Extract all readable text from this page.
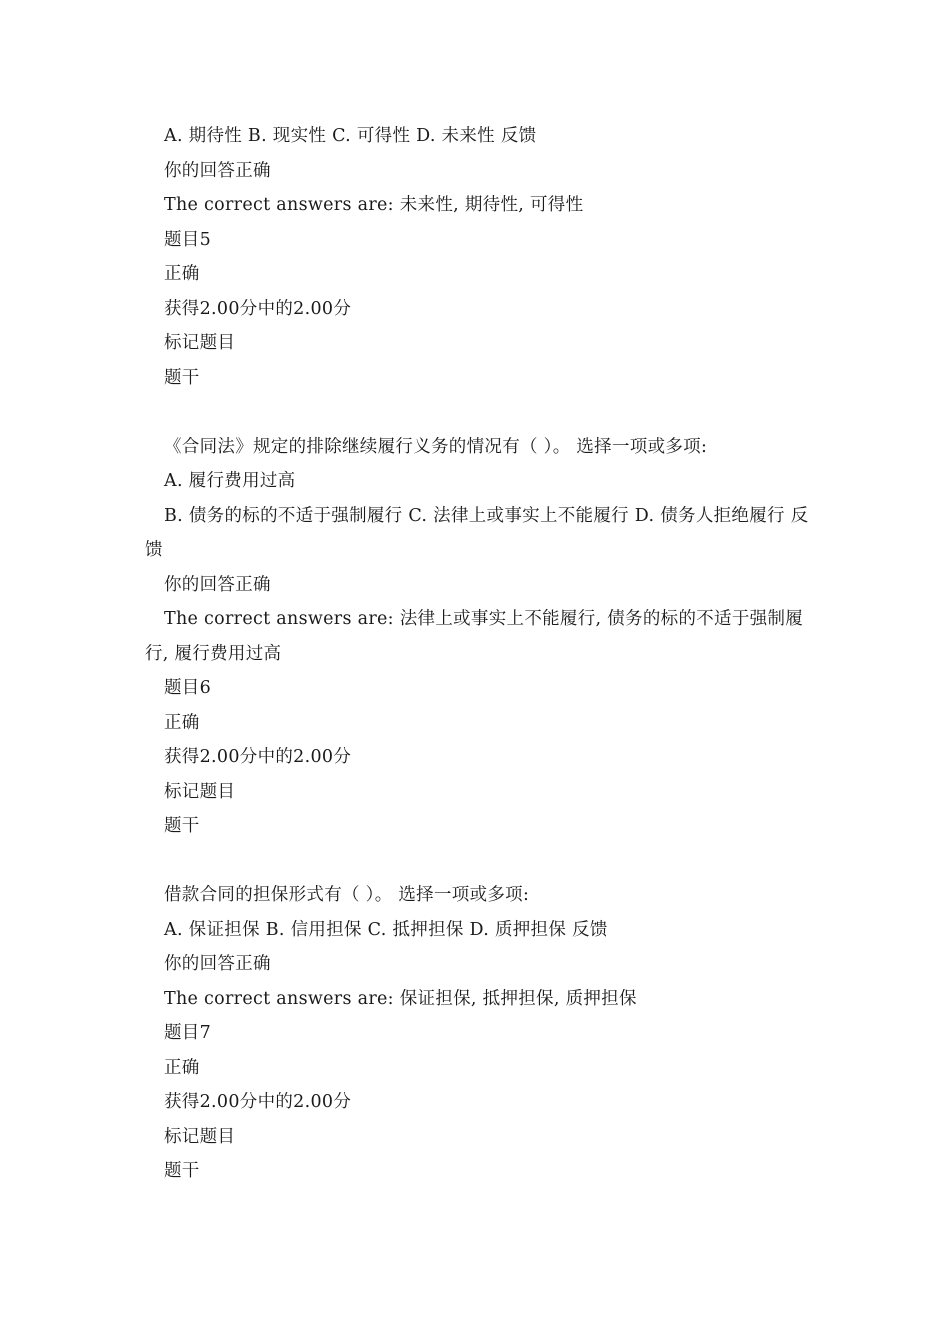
A. 期待性 B. 现实性 C. 可得性 D. 未来性 反馈

你的回答正确

The correct answers are: 未来性, 期待性, 可得性

题目5

正确

获得2.00分中的2.00分

标记题目

题干

《合同法》规定的排除继续履行义务的情况有（ ）。 选择一项或多项:

A. 履行费用过高

B. 债务的标的不适于强制履行 C. 法律上或事实上不能履行 D. 债务人拒绝履行 反馈

你的回答正确

The correct answers are: 法律上或事实上不能履行, 债务的标的不适于强制履行, 履行费用过高

题目6

正确

获得2.00分中的2.00分

标记题目

题干

借款合同的担保形式有（ ）。 选择一项或多项:

A. 保证担保 B. 信用担保 C. 抵押担保 D. 质押担保 反馈

你的回答正确

The correct answers are: 保证担保, 抵押担保, 质押担保

题目7

正确

获得2.00分中的2.00分

标记题目

题干
